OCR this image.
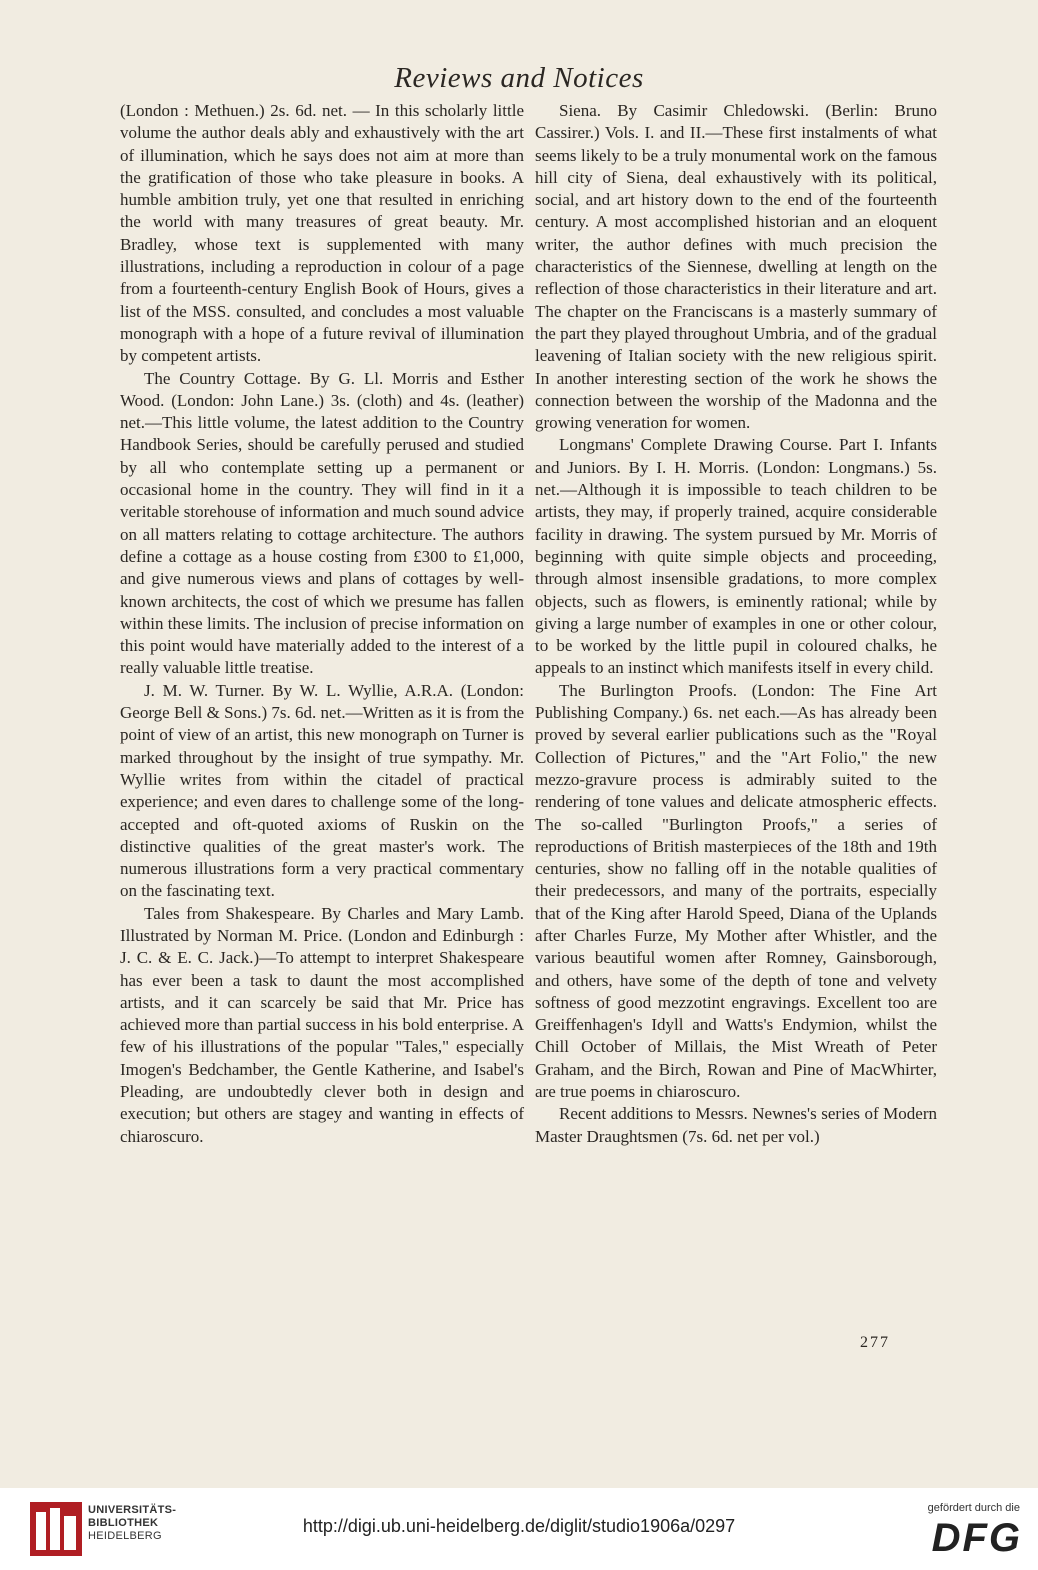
Reviews and Notices

(London : Methuen.) 2s. 6d. net. — In this scholarly little volume the author deals ably and exhaustively with the art of illumination, which he says does not aim at more than the gratification of those who take pleasure in books. A humble ambition truly, yet one that resulted in enriching the world with many treasures of great beauty. Mr. Bradley, whose text is supplemented with many illustrations, including a reproduction in colour of a page from a fourteenth-century English Book of Hours, gives a list of the MSS. consulted, and concludes a most valuable monograph with a hope of a future revival of illumination by competent artists.

The Country Cottage. By G. Ll. Morris and Esther Wood. (London: John Lane.) 3s. (cloth) and 4s. (leather) net.—This little volume, the latest addition to the Country Handbook Series, should be carefully perused and studied by all who contemplate setting up a permanent or occasional home in the country. They will find in it a veritable storehouse of information and much sound advice on all matters relating to cottage architecture. The authors define a cottage as a house costing from £300 to £1,000, and give numerous views and plans of cottages by well-known architects, the cost of which we presume has fallen within these limits. The inclusion of precise information on this point would have materially added to the interest of a really valuable little treatise.

J. M. W. Turner. By W. L. Wyllie, A.R.A. (London: George Bell & Sons.) 7s. 6d. net.—Written as it is from the point of view of an artist, this new monograph on Turner is marked throughout by the insight of true sympathy. Mr. Wyllie writes from within the citadel of practical experience; and even dares to challenge some of the long-accepted and oft-quoted axioms of Ruskin on the distinctive qualities of the great master's work. The numerous illustrations form a very practical commentary on the fascinating text.

Tales from Shakespeare. By Charles and Mary Lamb. Illustrated by Norman M. Price. (London and Edinburgh : J. C. & E. C. Jack.)—To attempt to interpret Shakespeare has ever been a task to daunt the most accomplished artists, and it can scarcely be said that Mr. Price has achieved more than partial success in his bold enterprise. A few of his illustrations of the popular "Tales," especially Imogen's Bedchamber, the Gentle Katherine, and Isabel's Pleading, are undoubtedly clever both in design and execution; but others are stagey and wanting in effects of chiaroscuro.

Siena. By Casimir Chledowski. (Berlin: Bruno Cassirer.) Vols. I. and II.—These first instalments of what seems likely to be a truly monumental work on the famous hill city of Siena, deal exhaustively with its political, social, and art history down to the end of the fourteenth century. A most accomplished historian and an eloquent writer, the author defines with much precision the characteristics of the Siennese, dwelling at length on the reflection of those characteristics in their literature and art. The chapter on the Franciscans is a masterly summary of the part they played throughout Umbria, and of the gradual leavening of Italian society with the new religious spirit. In another interesting section of the work he shows the connection between the worship of the Madonna and the growing veneration for women.

Longmans' Complete Drawing Course. Part I. Infants and Juniors. By I. H. Morris. (London: Longmans.) 5s. net.—Although it is impossible to teach children to be artists, they may, if properly trained, acquire considerable facility in drawing. The system pursued by Mr. Morris of beginning with quite simple objects and proceeding, through almost insensible gradations, to more complex objects, such as flowers, is eminently rational; while by giving a large number of examples in one or other colour, to be worked by the little pupil in coloured chalks, he appeals to an instinct which manifests itself in every child.

The Burlington Proofs. (London: The Fine Art Publishing Company.) 6s. net each.—As has already been proved by several earlier publications such as the "Royal Collection of Pictures," and the "Art Folio," the new mezzo-gravure process is admirably suited to the rendering of tone values and delicate atmospheric effects. The so-called "Burlington Proofs," a series of reproductions of British masterpieces of the 18th and 19th centuries, show no falling off in the notable qualities of their predecessors, and many of the portraits, especially that of the King after Harold Speed, Diana of the Uplands after Charles Furze, My Mother after Whistler, and the various beautiful women after Romney, Gainsborough, and others, have some of the depth of tone and velvety softness of good mezzotint engravings. Excellent too are Greiffenhagen's Idyll and Watts's Endymion, whilst the Chill October of Millais, the Mist Wreath of Peter Graham, and the Birch, Rowan and Pine of MacWhirter, are true poems in chiaroscuro.

Recent additions to Messrs. Newnes's series of Modern Master Draughtsmen (7s. 6d. net per vol.)

277
UNIVERSITÄTS-
BIBLIOTHEK
HEIDELBERG	http://digi.ub.uni-heidelberg.de/diglit/studio1906a/0297
gefördert durch die
DFG
